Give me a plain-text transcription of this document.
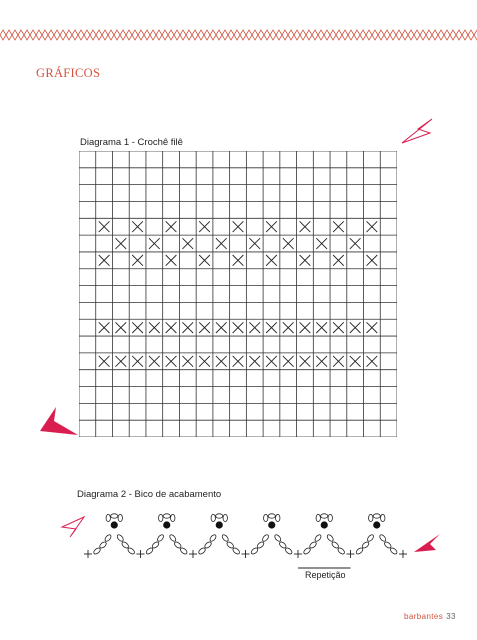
GRÁFICOS
Diagrama 1 - Crochê filê
Diagrama 2 - Bico de acabamento
Repetição
barbantes 33
